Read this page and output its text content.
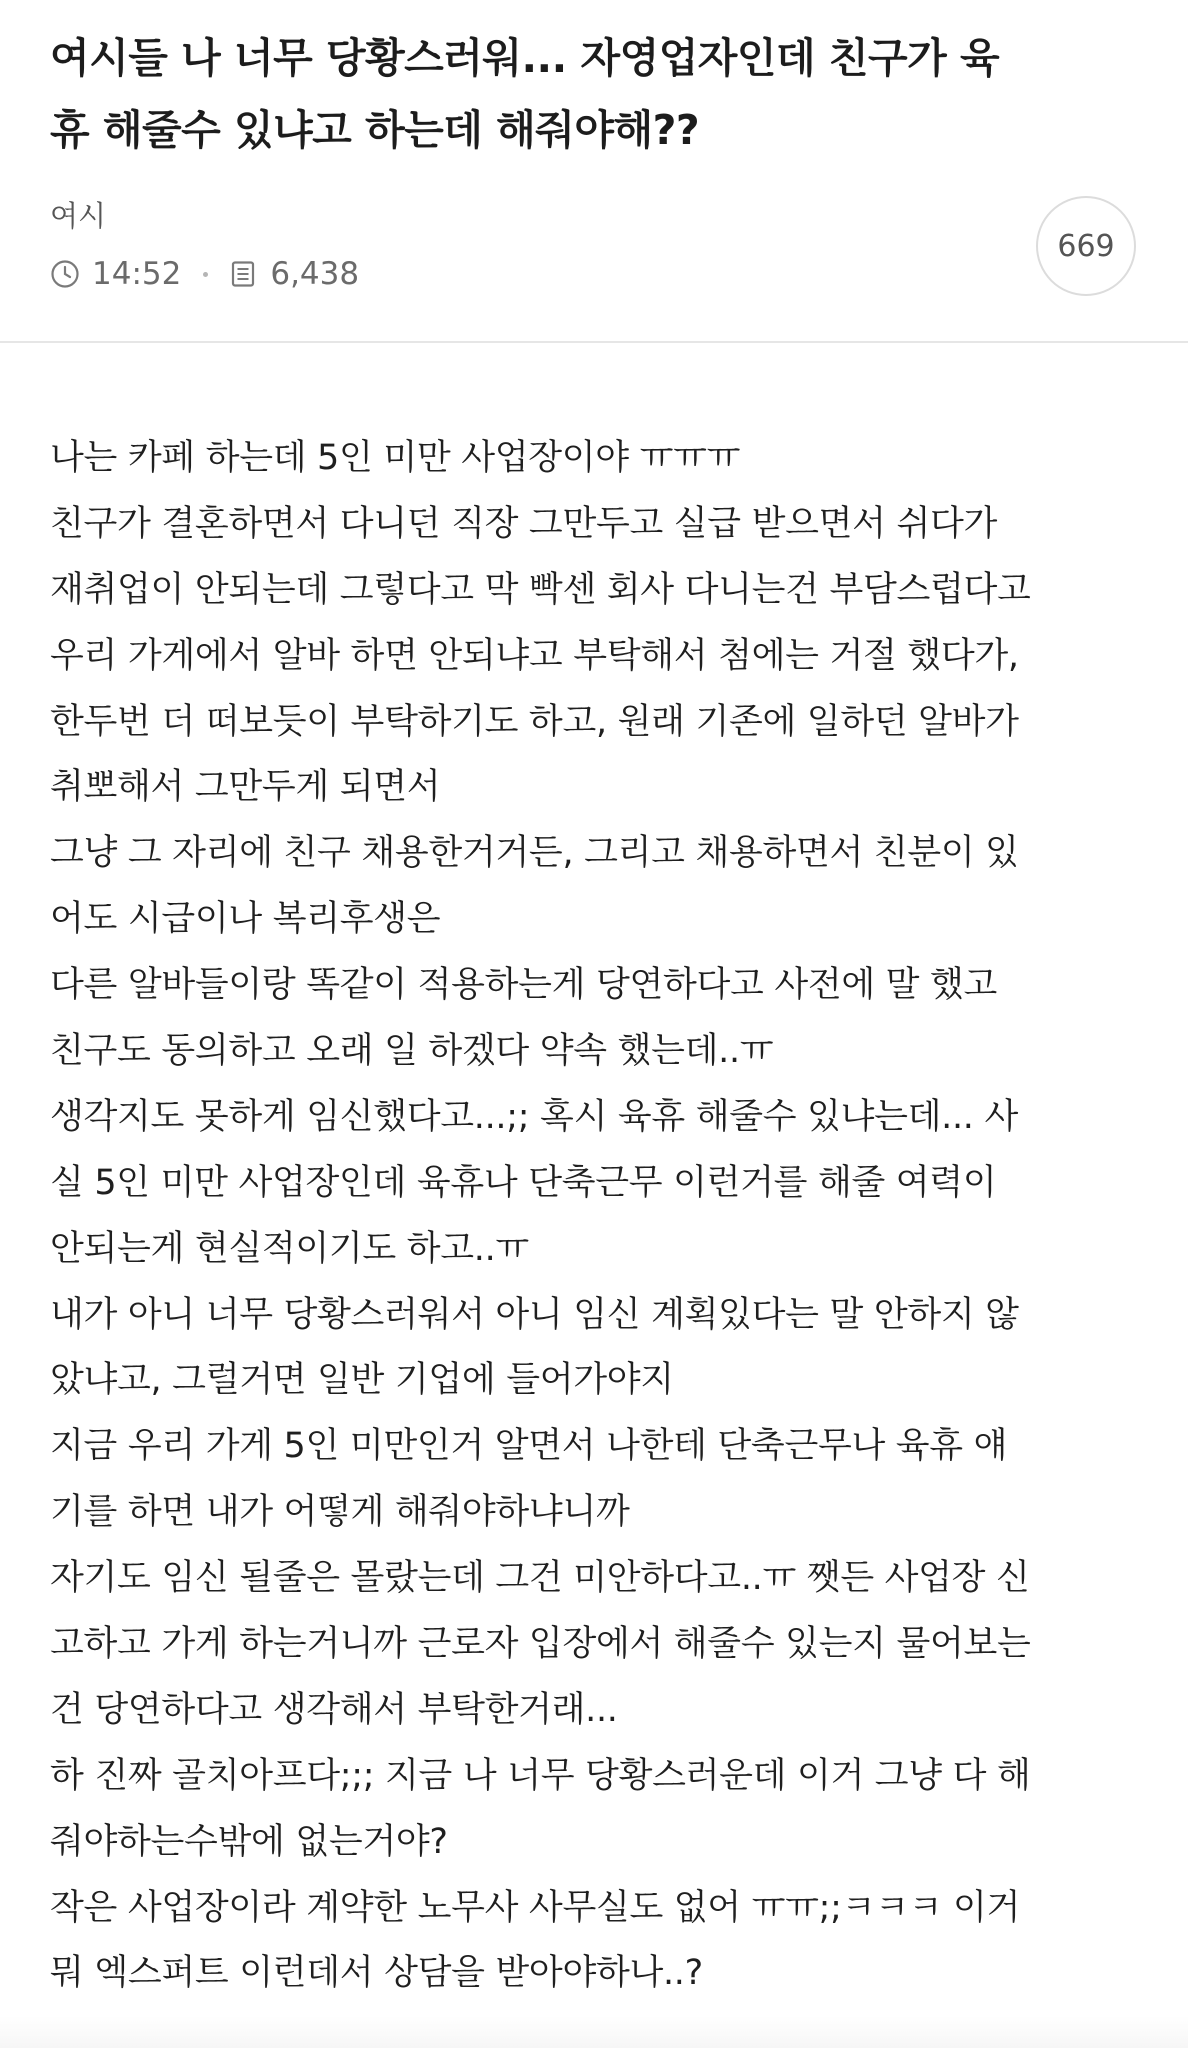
여시들 나 너무 당황스러워... 자영업자인데 친구가 육
휴 해줄수 있냐고 하는데 해줘야해??
여시
14:52	6,438
669
나는 카페 하는데 5인 미만 사업장이야 ㅠㅠㅠ
친구가 결혼하면서 다니던 직장 그만두고 실급 받으면서 쉬다가
재취업이 안되는데 그렇다고 막 빡센 회사 다니는건 부담스럽다고
우리 가게에서 알바 하면 안되냐고 부탁해서 첨에는 거절 했다가,
한두번 더 떠보듯이 부탁하기도 하고, 원래 기존에 일하던 알바가
취뽀해서 그만두게 되면서
그냥 그 자리에 친구 채용한거거든, 그리고 채용하면서 친분이 있
어도 시급이나 복리후생은
다른 알바들이랑 똑같이 적용하는게 당연하다고 사전에 말 했고
친구도 동의하고 오래 일 하겠다 약속 했는데..ㅠ
생각지도 못하게 임신했다고...;; 혹시 육휴 해줄수 있냐는데... 사
실 5인 미만 사업장인데 육휴나 단축근무 이런거를 해줄 여력이
안되는게 현실적이기도 하고..ㅠ
내가 아니 너무 당황스러워서 아니 임신 계획있다는 말 안하지 않
았냐고, 그럴거면 일반 기업에 들어가야지
지금 우리 가게 5인 미만인거 알면서 나한테 단축근무나 육휴 얘
기를 하면 내가 어떻게 해줘야하냐니까
자기도 임신 될줄은 몰랐는데 그건 미안하다고..ㅠ 쨋든 사업장 신
고하고 가게 하는거니까 근로자 입장에서 해줄수 있는지 물어보는
건 당연하다고 생각해서 부탁한거래...
하 진짜 골치아프다;;; 지금 나 너무 당황스러운데 이거 그냥 다 해
줘야하는수밖에 없는거야?
작은 사업장이라 계약한 노무사 사무실도 없어 ㅠㅠ;;ㅋㅋㅋ 이거
뭐 엑스퍼트 이런데서 상담을 받아야하나..?
